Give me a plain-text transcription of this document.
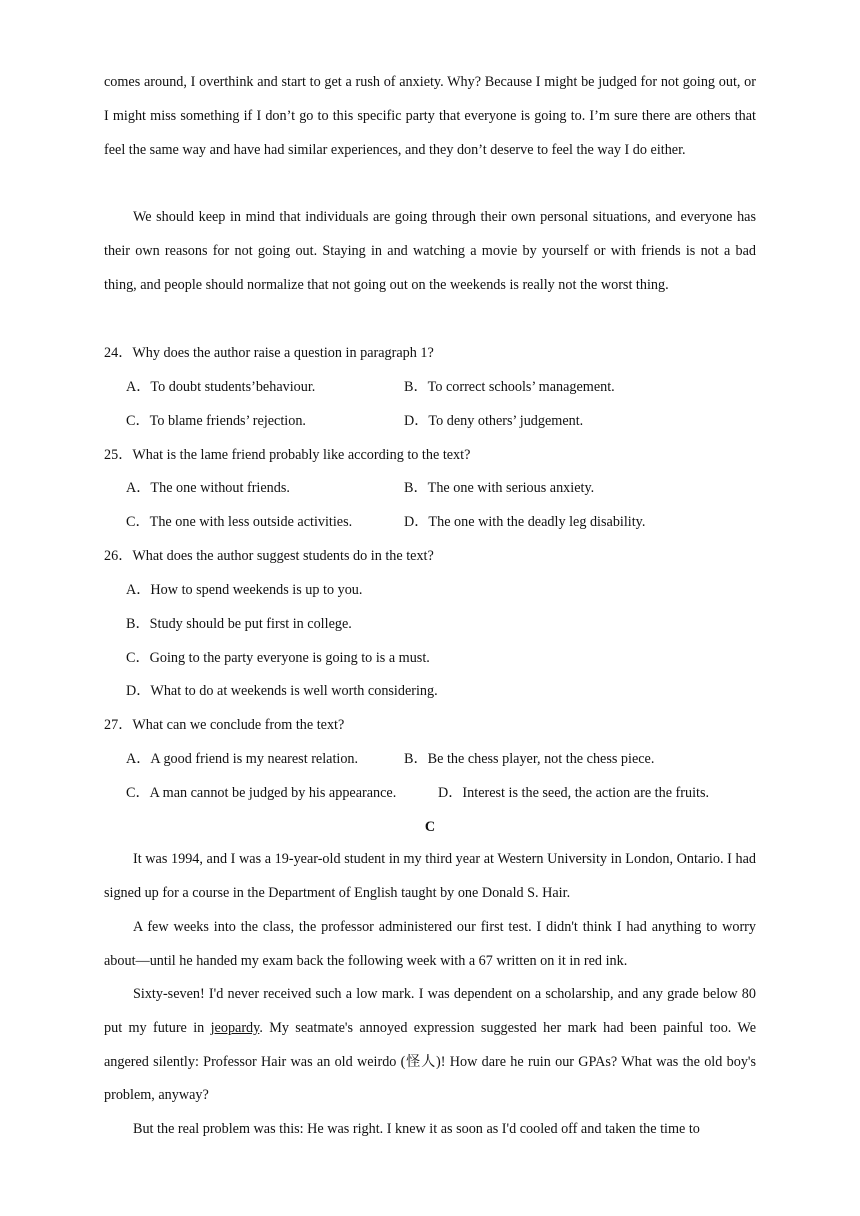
comes around, I overthink and start to get a rush of anxiety. Why? Because I might be judged for not going out, or I might miss something if I don’t go to this specific party that everyone is going to. I’m sure there are others that feel the same way and have had similar experiences, and they don’t deserve to feel the way I do either.

We should keep in mind that individuals are going through their own personal situations, and everyone has their own reasons for not going out. Staying in and watching a movie by yourself or with friends is not a bad thing, and people should normalize that not going out on the weekends is really not the worst thing.

24．Why does the author raise a question in paragraph 1?
A．To doubt students’behaviour.	B．To correct schools’ management.
C．To blame friends’ rejection.	D．To deny others’ judgement.
25．What is the lame friend probably like according to the text?
A．The one without friends.	B．The one with serious anxiety.
C．The one with less outside activities.	D．The one with the deadly leg disability.
26．What does the author suggest students do in the text?
A．How to spend weekends is up to you.
B．Study should be put first in college.
C．Going to the party everyone is going to is a must.
D．What to do at weekends is well worth considering.
27．What can we conclude from the text?
A．A good friend is my nearest relation.	B．Be the chess player, not the chess piece.
C．A man cannot be judged by his appearance.	D．Interest is the seed, the action are the fruits.
C

It was 1994, and I was a 19-year-old student in my third year at Western University in London, Ontario. I had signed up for a course in the Department of English taught by one Donald S. Hair.

A few weeks into the class, the professor administered our first test. I didn't think I had anything to worry about—until he handed my exam back the following week with a 67 written on it in red ink.

Sixty-seven! I'd never received such a low mark. I was dependent on a scholarship, and any grade below 80 put my future in jeopardy. My seatmate's annoyed expression suggested her mark had been painful too. We angered silently: Professor Hair was an old weirdo (怪人)! How dare he ruin our GPAs? What was the old boy's problem, anyway?

But the real problem was this: He was right. I knew it as soon as I'd cooled off and taken the time to
